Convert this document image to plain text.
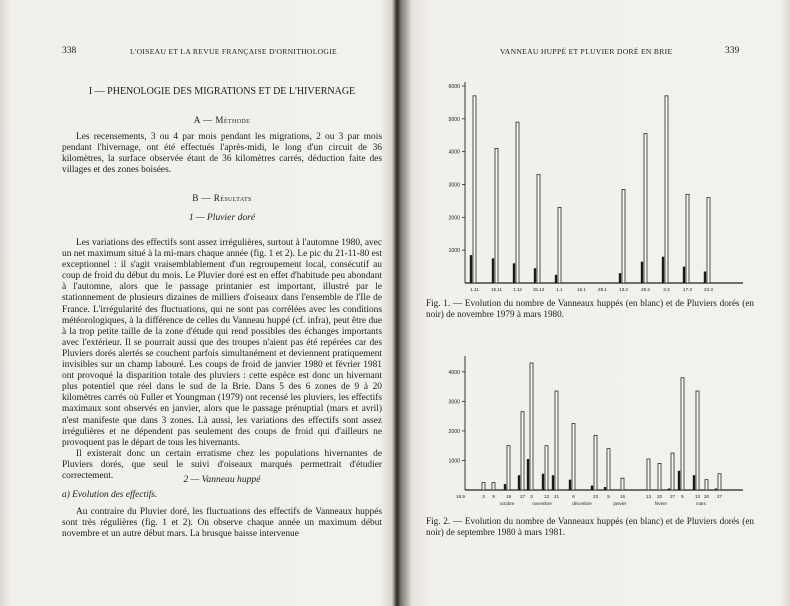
338	L'OISEAU ET LA REVUE FRANÇAISE D'ORNITHOLOGIE
I — PHENOLOGIE DES MIGRATIONS ET DE L'HIVERNAGE
A — Méthode

Les recensements, 3 ou 4 par mois pendant les migrations, 2 ou 3 par mois pendant l'hivernage, ont été effectués l'après-midi, le long d'un circuit de 36 kilomètres, la surface observée étant de 36 kilomètres carrés, déduction faite des villages et des zones boisées.

B — Résultats
1 — Pluvier doré

Les variations des effectifs sont assez irrégulières, surtout à l'automne 1980, avec un net maximum situé à la mi-mars chaque année (fig. 1 et 2). Le pic du 21-11-80 est exceptionnel : il s'agit vraisemblablement d'un regroupement local, consécutif au coup de froid du début du mois. Le Pluvier doré est en effet d'habitude peu abondant à l'automne, alors que le passage printanier est important, illustré par le stationnement de plusieurs dizaines de milliers d'oiseaux dans l'ensemble de l'Ile de France. L'irrégularité des fluctuations, qui ne sont pas corrélées avec les conditions météorologiques, à la différence de celles du Vanneau huppé (cf. infra), peut être due à la trop petite taille de la zone d'étude qui rend possibles des échanges importants avec l'extérieur. Il se pourrait aussi que des troupes n'aient pas été repérées car des Pluviers dorés alertés se couchent parfois simultanément et deviennent pratiquement invisibles sur un champ labouré. Les coups de froid de janvier 1980 et février 1981 ont provoqué la disparition totale des pluviers : cette espèce est donc un hivernant plus potentiel que réel dans le sud de la Brie. Dans 5 des 6 zones de 9 à 20 kilomètres carrés où Fuller et Youngman (1979) ont recensé les pluviers, les effectifs maximaux sont observés en janvier, alors que le passage prénuptial (mars et avril) n'est manifeste que dans 3 zones. Là aussi, les variations des effectifs sont assez irrégulières et ne dépendent pas seulement des coups de froid qui d'ailleurs ne provoquent pas le départ de tous les hivernants.

Il existerait donc un certain erratisme chez les populations hivernantes de Pluviers dorés, que seul le suivi d'oiseaux marqués permettrait d'étudier correctement.	2 — Vanneau huppé
a) Evolution des effectifs.

Au contraire du Pluvier doré, les fluctuations des effectifs de Vanneaux huppés sont très régulières (fig. 1 et 2). On observe chaque année un maximum début novembre et un autre début mars. La brusque baisse intervenue

VANNEAU HUPPÉ ET PLUVIER DORÉ EN BRIE	339
1000
2000
3000
4000
5000
6000
1.11	15.11 1.12 15.12	1.1	15.1	29.1	13.2	25.2	3.3	17.3	24.3
Fig. 1. — Evolution du nombre de Vanneaux huppés (en blanc) et de Pluviers dorés (en noir) de novembre 1979 à mars 1980.
1000
2000
3000
4000
16.9	3 9 19 27 3 13 21	6	23 5 16	13 20 27 5 13 20 27
octobre	novembre	décembre	janvier	février	mars
Fig. 2. — Evolution du nombre de Vanneaux huppés (en blanc) et de Pluviers dorés (en noir) de septembre 1980 à mars 1981.
